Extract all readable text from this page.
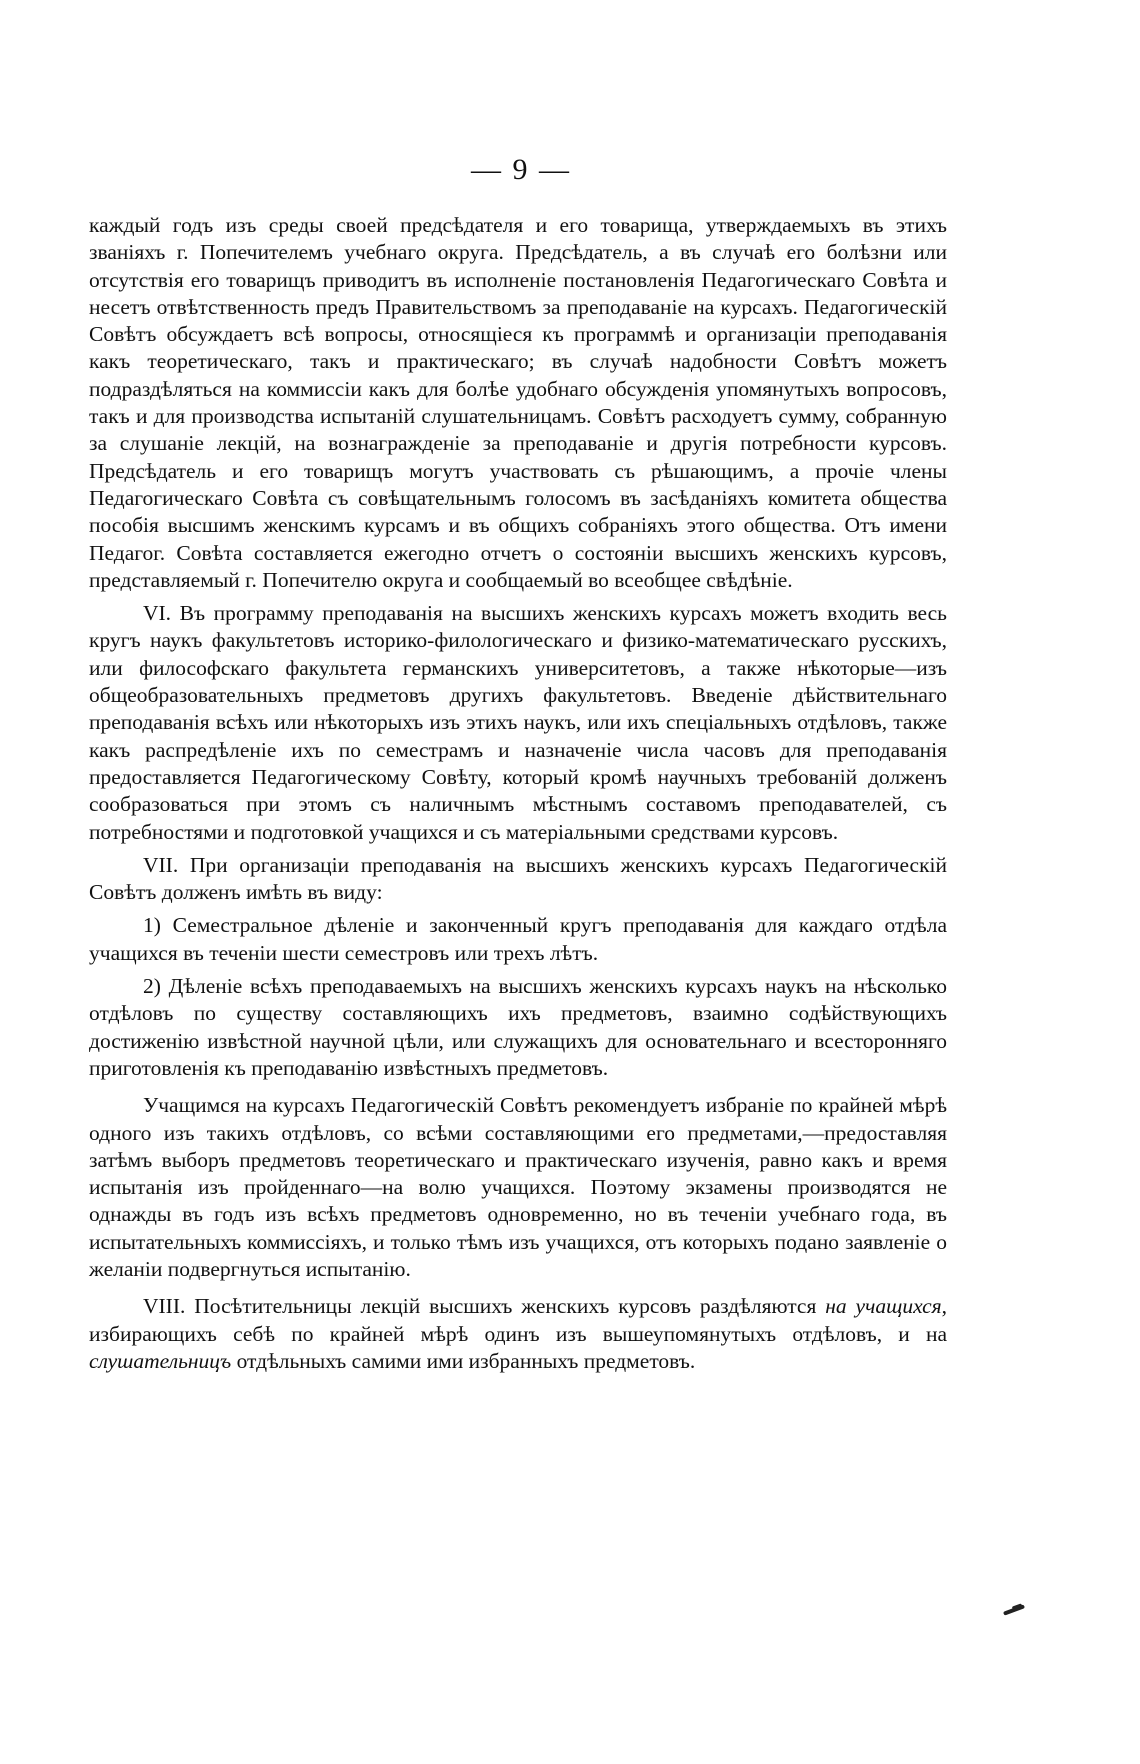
— 9 —

каждый годъ изъ среды своей предсѣдателя и его товарища, утверждаемыхъ въ этихъ званіяхъ г. Попечителемъ учебнаго округа. Предсѣдатель, а въ случаѣ его болѣзни или отсутствія его товарищъ приводитъ въ исполненіе постановленія Педагогическаго Совѣта и несетъ отвѣтственность предъ Правительствомъ за преподаваніе на курсахъ. Педагогическій Совѣтъ обсуждаетъ всѣ вопросы, относящіеся къ программѣ и организаціи преподаванія какъ теоретическаго, такъ и практическаго; въ случаѣ надобности Совѣтъ можетъ подраздѣляться на коммиссіи какъ для болѣе удобнаго обсужденія упомянутыхъ вопросовъ, такъ и для производства испытаній слушательницамъ. Совѣтъ расходуетъ сумму, собранную за слушаніе лекцій, на вознагражденіе за преподаваніе и другія потребности курсовъ. Предсѣдатель и его товарищъ могутъ участвовать съ рѣшающимъ, а прочіе члены Педагогическаго Совѣта съ совѣщательнымъ голосомъ въ засѣданіяхъ комитета общества пособія высшимъ женскимъ курсамъ и въ общихъ собраніяхъ этого общества. Отъ имени Педагог. Совѣта составляется ежегодно отчетъ о состояніи высшихъ женскихъ курсовъ, представляемый г. Попечителю округа и сообщаемый во всеобщее свѣдѣніе.

VI. Въ программу преподаванія на высшихъ женскихъ курсахъ можетъ входить весь кругъ наукъ факультетовъ историко-филологическаго и физико-математическаго русскихъ, или философскаго факультета германскихъ университетовъ, а также нѣкоторые—изъ общеобразовательныхъ предметовъ другихъ факультетовъ. Введеніе дѣйствительнаго преподаванія всѣхъ или нѣкоторыхъ изъ этихъ наукъ, или ихъ спеціальныхъ отдѣловъ, также какъ распредѣленіе ихъ по семестрамъ и назначеніе числа часовъ для преподаванія предоставляется Педагогическому Совѣту, который кромѣ научныхъ требованій долженъ сообразоваться при этомъ съ наличнымъ мѣстнымъ составомъ преподавателей, съ потребностями и подготовкой учащихся и съ матеріальными средствами курсовъ.

VII. При организаціи преподаванія на высшихъ женскихъ курсахъ Педагогическій Совѣтъ долженъ имѣть въ виду:

1) Семестральное дѣленіе и законченный кругъ преподаванія для каждаго отдѣла учащихся въ теченіи шести семестровъ или трехъ лѣтъ.

2) Дѣленіе всѣхъ преподаваемыхъ на высшихъ женскихъ курсахъ наукъ на нѣсколько отдѣловъ по существу составляющихъ ихъ предметовъ, взаимно содѣйствующихъ достиженію извѣстной научной цѣли, или служащихъ для основательнаго и всесторонняго приготовленія къ преподаванію извѣстныхъ предметовъ.

Учащимся на курсахъ Педагогическій Совѣтъ рекомендуетъ избраніе по крайней мѣрѣ одного изъ такихъ отдѣловъ, со всѣми составляющими его предметами,—предоставляя затѣмъ выборъ предметовъ теоретическаго и практическаго изученія, равно какъ и время испытанія изъ пройденнаго—на волю учащихся. Поэтому экзамены производятся не однажды въ годъ изъ всѣхъ предметовъ одновременно, но въ теченіи учебнаго года, въ испытательныхъ коммиссіяхъ, и только тѣмъ изъ учащихся, отъ которыхъ подано заявленіе о желаніи подвергнуться испытанію.

VIII. Посѣтительницы лекцій высшихъ женскихъ курсовъ раздѣляются на учащихся, избирающихъ себѣ по крайней мѣрѣ одинъ изъ вышеупомянутыхъ отдѣловъ, и на слушательницъ отдѣльныхъ самими ими избранныхъ предметовъ.
